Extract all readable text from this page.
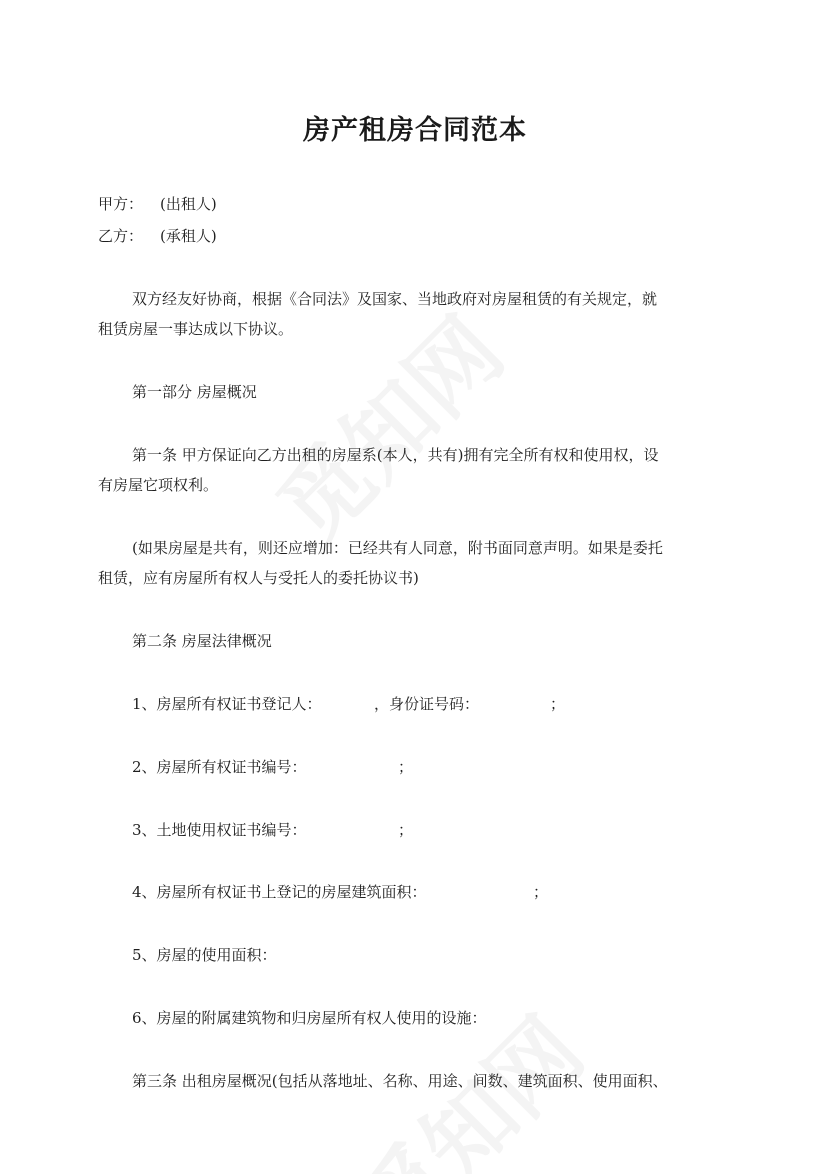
房产租房合同范本
甲方： (出租人)
乙方： (承租人)
双方经友好协商，根据《合同法》及国家、当地政府对房屋租赁的有关规定，就
租赁房屋一事达成以下协议。
第一部分 房屋概况
第一条 甲方保证向乙方出租的房屋系(本人，共有)拥有完全所有权和使用权，设
有房屋它项权利。
(如果房屋是共有，则还应增加：已经共有人同意，附书面同意声明。如果是委托
租赁，应有房屋所有权人与受托人的委托协议书)
第二条 房屋法律概况
1、房屋所有权证书登记人：	，身份证号码：	；
2、房屋所有权证书编号：	；
3、土地使用权证书编号：	；
4、房屋所有权证书上登记的房屋建筑面积：	；
5、房屋的使用面积：
6、房屋的附属建筑物和归房屋所有权人使用的设施：
第三条 出租房屋概况(包括从落地址、名称、用途、间数、建筑面积、使用面积、
